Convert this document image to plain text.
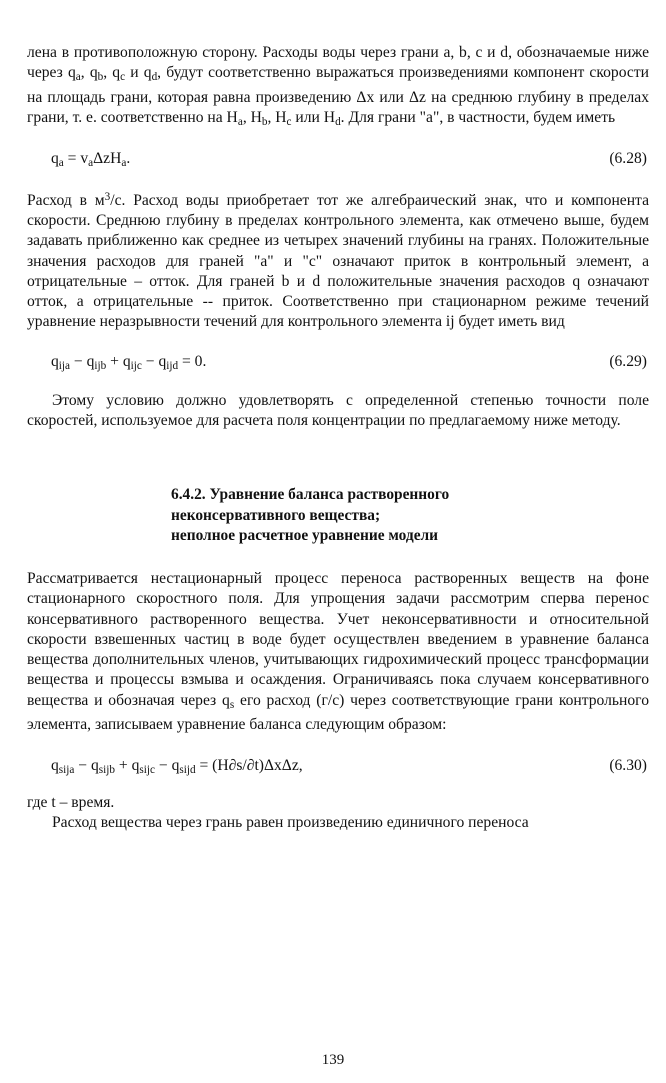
лена в противоположную сторону. Расходы воды через грани a, b, c и d, обозначаемые ниже через $q_a$, $q_b$, $q_c$ и $q_d$, будут соответственно выражаться произведениями компонент скорости на площадь грани, которая равна произведению Δx или Δz на среднюю глубину в пределах грани, т. е. соответственно на $H_a$, $H_b$, $H_c$ или $H_d$. Для грани "a", в частности, будем иметь

$q_a = v_a\Delta zH_a$.	(6.28)

Расход в $м^3/с$. Расход воды приобретает тот же алгебраический знак, что и компонента скорости. Среднюю глубину в пределах контрольного элемента, как отмечено выше, будем задавать приближенно как среднее из четырех значений глубины на гранях. Положительные значения расходов для граней "a" и "c" означают приток в контрольный элемент, а отрицательные – отток. Для граней b и d положительные значения расходов q означают отток, а отрицательные -- приток. Соответственно при стационарном режиме течений уравнение неразрывности течений для контрольного элемента ij будет иметь вид

$q_{ija} - q_{ijb} + q_{ijc} - q_{ijd} = 0$.	(6.29)

Этому условию должно удовлетворять с определенной степенью точности поле скоростей, используемое для расчета поля концентрации по предлагаемому ниже методу.

6.4.2. Уравнение баланса растворенного
неконсервативного вещества;
неполное расчетное уравнение модели

Рассматривается нестационарный процесс переноса растворенных веществ на фоне стационарного скоростного поля. Для упрощения задачи рассмотрим сперва перенос консервативного растворенного вещества. Учет неконсервативности и относительной скорости взвешенных частиц в воде будет осуществлен введением в уравнение баланса вещества дополнительных членов, учитывающих гидрохимический процесс трансформации вещества и процессы взмыва и осаждения. Ограничиваясь пока случаем консервативного вещества и обозначая через $q_s$ его расход (г/с) через соответствующие грани контрольного элемента, записываем уравнение баланса следующим образом:

$q_{sija} - q_{sijb} + q_{sijc} - q_{sijd} = (H\partial s/\partial t)\Delta x\Delta z$,	(6.30)

где t – время.

Расход вещества через грань равен произведению единичного переноса

139
